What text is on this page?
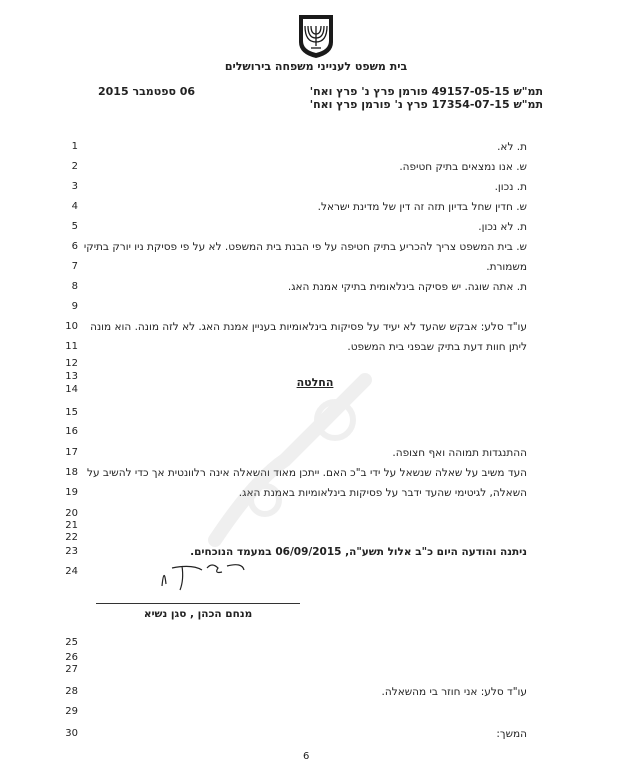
בית משפט לענייני משפחה בירושלים
06 ספטמבר 2015	תמ"ש 49157-05-15 פורמן פרץ נ' פרץ ואח'
תמ"ש 17354-07-15 פרץ נ' פורמן פרץ ואח'
1	ת. לא.
2	ש. אנו נמצאים בתיק חטיפה.
3	ת. נכון.
4	ש. חדין שחל בדיון תזה זה דין של מדינת ישראל.
5	ת. לא נכון.
6 ש. בית המשפט צריך להכריע בתיק חטיפה על פי הבנת בית המשפט. לא על פי פסיקת ניו יורק בתיקי
7	משמורת.
8	ת. אתה שוגה. יש פסיקה בינלאומית בתיקי אמנת האג.
9
10 עו"ד סלע: אבקש שהעד לא יעיד על פסיקות בינלאומיות בעניין אמנת האג. לא לזה מונה. הוא מונה
11	ליתן חוות דעת בתיק שבפני בית המשפט.
12
13
14
15
16
17	ההתנגדות תמוהה ואף חצופה.
18 העד משיב על שאלה שנשאל על ידי ב"כ האם. ייתכן מאוד והשאלה אינה רלוונטית אך כדי להשיב על
19	השאלה, לגיטימי שהעד ידבר על פסיקות בינלאומיות באמנת האג.
20
21
22
23	ניתנה והודעה היום כ"ב אלול תשע"ה, 06/09/2015 במעמד הנוכחים.
24
25
26
27
28	עו"ד סלע: אני חוזר בי מהשאלה.
29
30	המשך:
החלטה
מנחם הכהן , סגן נשיא
6
